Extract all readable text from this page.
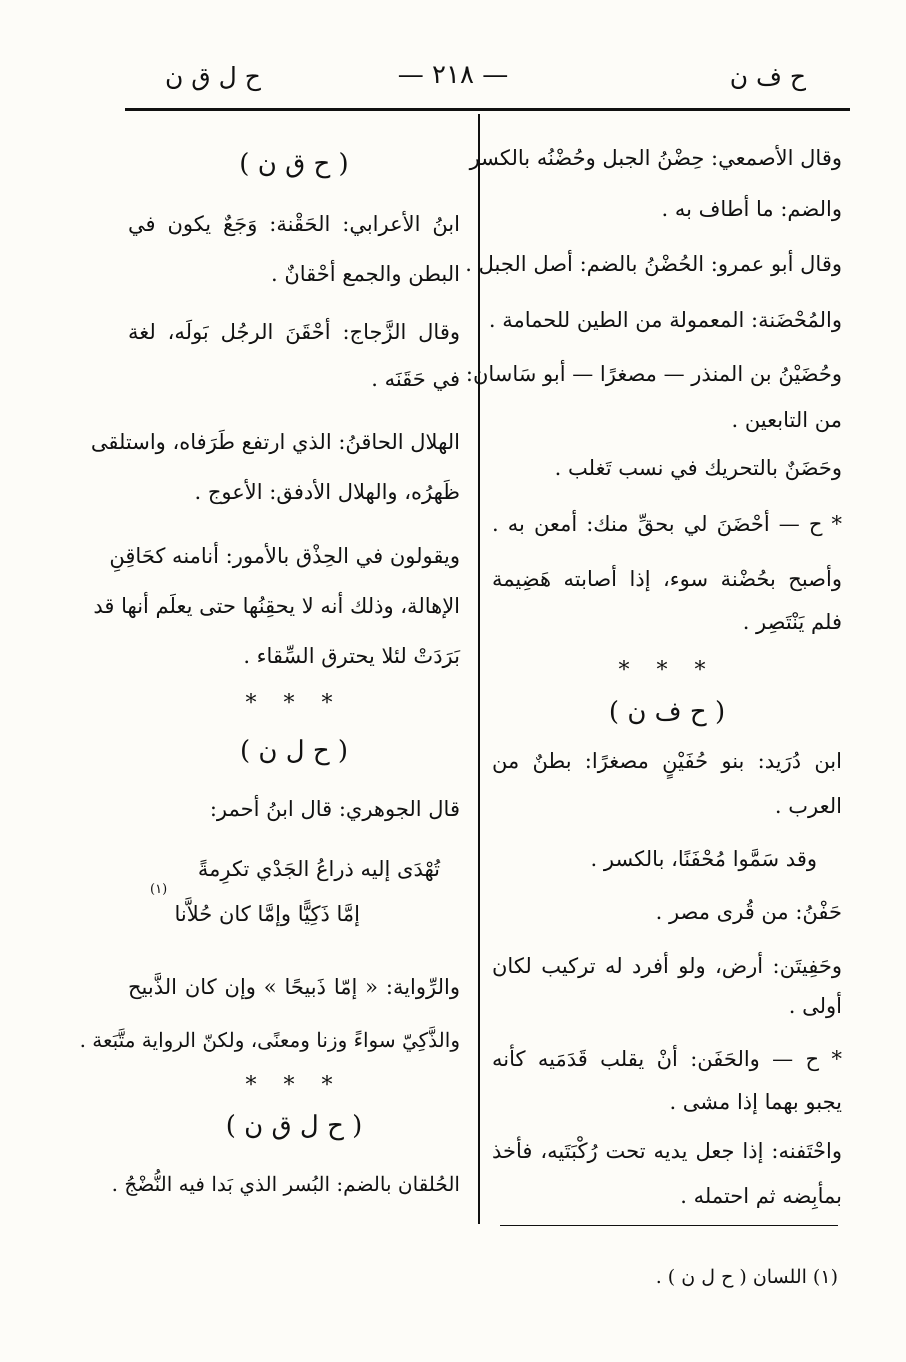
ح ف ن
— ٢١٨ —
ح ل ق ن
وقال الأصمعي: حِضْنُ الجبل وحُضْنُه بالكسر
والضم: ما أطاف به .
وقال أبو عمرو: الحُضْنُ بالضم: أصل الجبل .
والمُحْضَنة: المعمولة من الطين للحمامة .
وحُضَيْنُ بن المنذر — مصغرًا — أبو سَاسان:
من التابعين .
وحَضَنٌ بالتحريك في نسب تَغلب .
* ح — أحْضَنَ لي بحقِّ منك: أمعن به .
وأصبح بحُضْنة سوء، إذا أصابته هَضِيمة
فلم يَنْتَصِر .
* * *
( ح ف ن )
ابن دُرَيد: بنو حُفَيْنٍ مصغرًا: بطنٌ من
العرب .
وقد سَمَّوا مُحْفَنًا، بالكسر .
حَفْنُ: من قُرى مصر .
وحَفِيتَن: أرض، ولو أفرد له تركيب لكان
أولى .
* ح — والحَفَن: أنْ يقلب قَدَمَيه كأنه
يجبو بهما إذا مشى .
واحْتَفنه: إذا جعل يديه تحت رُكْبَتَيه، فأخذ
بمأبِضه ثم احتمله .
( ح ق ن )
ابنُ الأعرابي: الحَقْنة: وَجَعٌ يكون في
البطن والجمع أحْقانٌ .
وقال الزَّجاج: أحْقَنَ الرجُل بَولَه، لغة
في حَقَنَه .
الهلال الحاقنُ: الذي ارتفع طَرَفاه، واستلقى
ظَهرُه، والهلال الأدفق: الأعوج .
ويقولون في الحِذْق بالأمور: أنامنه كحَاقِنِ
الإهالة، وذلك أنه لا يحقِنُها حتى يعلَم أنها قد
بَرَدَتْ لئلا يحترق السِّقاء .
* * *
( ح ل ن )
قال الجوهري: قال ابنُ أحمر:
تُهْدَى إليه ذراعُ الجَدْي تكرِمةً
(١)
إمَّا ذَكِيًّا وإمَّا كان حُلاَّنا
والرِّواية: « إمّا ذَبيحًا » وإن كان الذَّبيح
والذَّكِيّ سواءً وزنا ومعنًى، ولكنّ الرواية متَّبَعة .
* * *
( ح ل ق ن )
الحُلقان بالضم: البُسر الذي بَدا فيه النُّضْجُ .
(١) اللسان ( ح ل ن ) .
